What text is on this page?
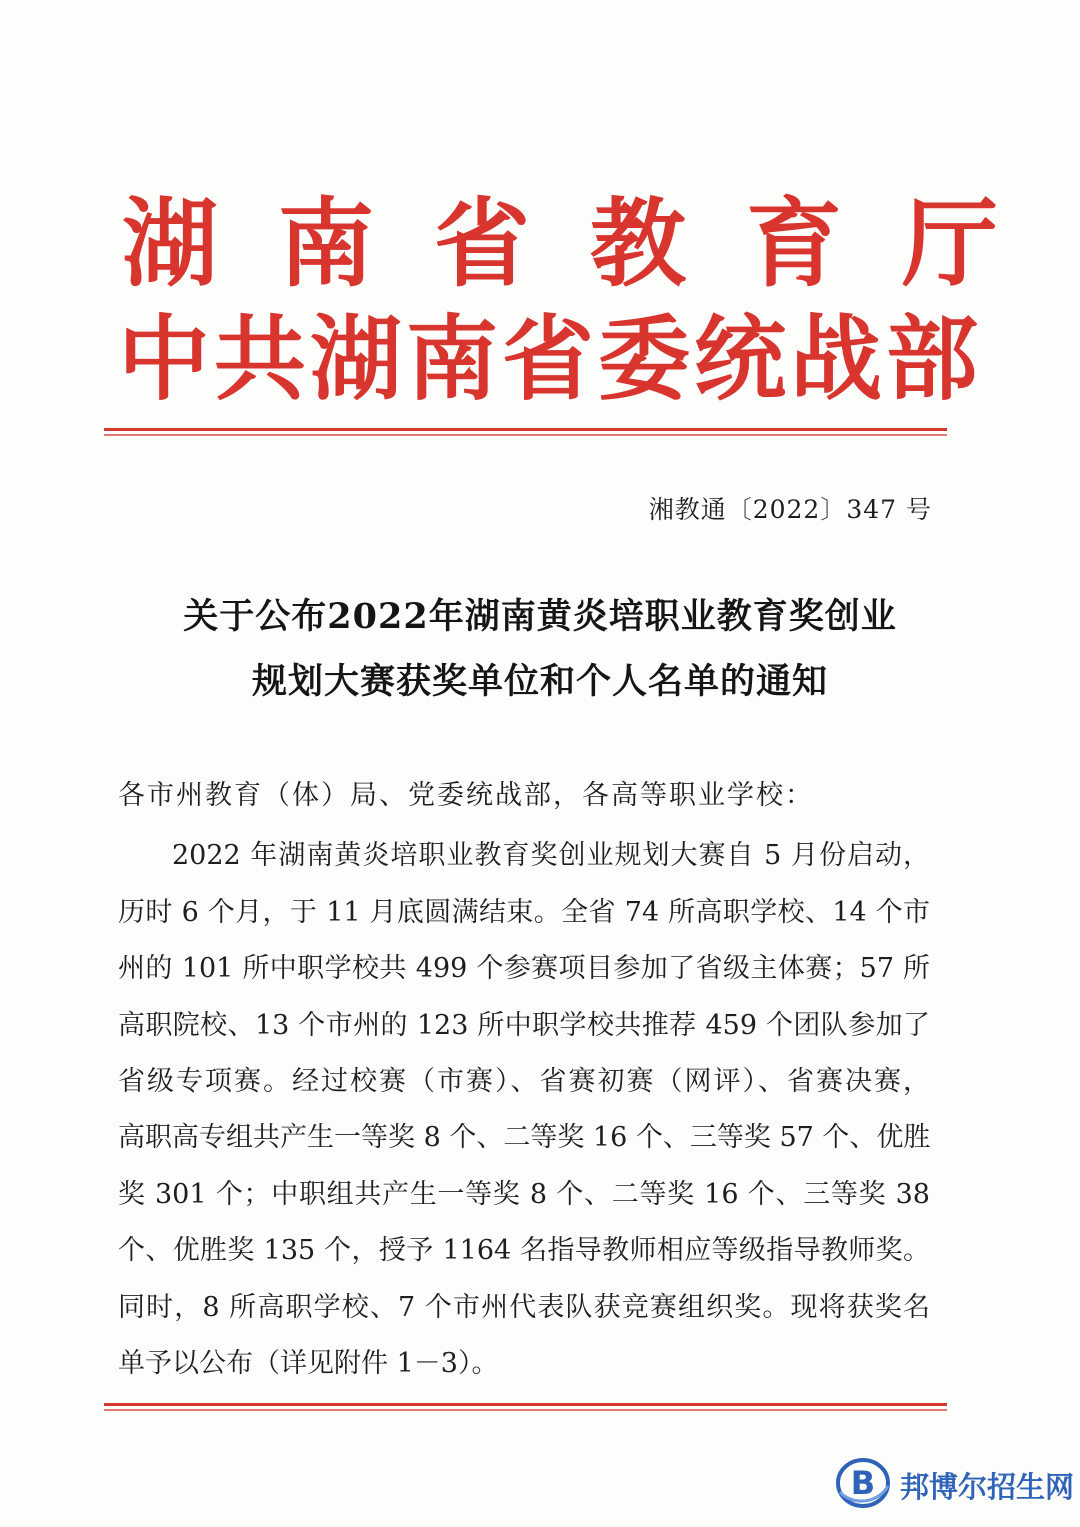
湖南省教育厅
中共湖南省委统战部
湘教通〔2022〕347 号
关于公布2022年湖南黄炎培职业教育奖创业
规划大赛获奖单位和个人名单的通知
各市州教育（体）局、党委统战部，各高等职业学校：
2022 年湖南黄炎培职业教育奖创业规划大赛自 5 月份启动，
历时 6 个月，于 11 月底圆满结束。全省 74 所高职学校、14 个市
州的 101 所中职学校共 499 个参赛项目参加了省级主体赛；57 所
高职院校、13 个市州的 123 所中职学校共推荐 459 个团队参加了
省级专项赛。经过校赛（市赛）、省赛初赛（网评）、省赛决赛，
高职高专组共产生一等奖 8 个、二等奖 16 个、三等奖 57 个、优胜
奖 301 个；中职组共产生一等奖 8 个、二等奖 16 个、三等奖 38
个、优胜奖 135 个，授予 1164 名指导教师相应等级指导教师奖。
同时，8 所高职学校、7 个市州代表队获竞赛组织奖。现将获奖名
单予以公布（详见附件 1－3）。
B 邦博尔招生网
